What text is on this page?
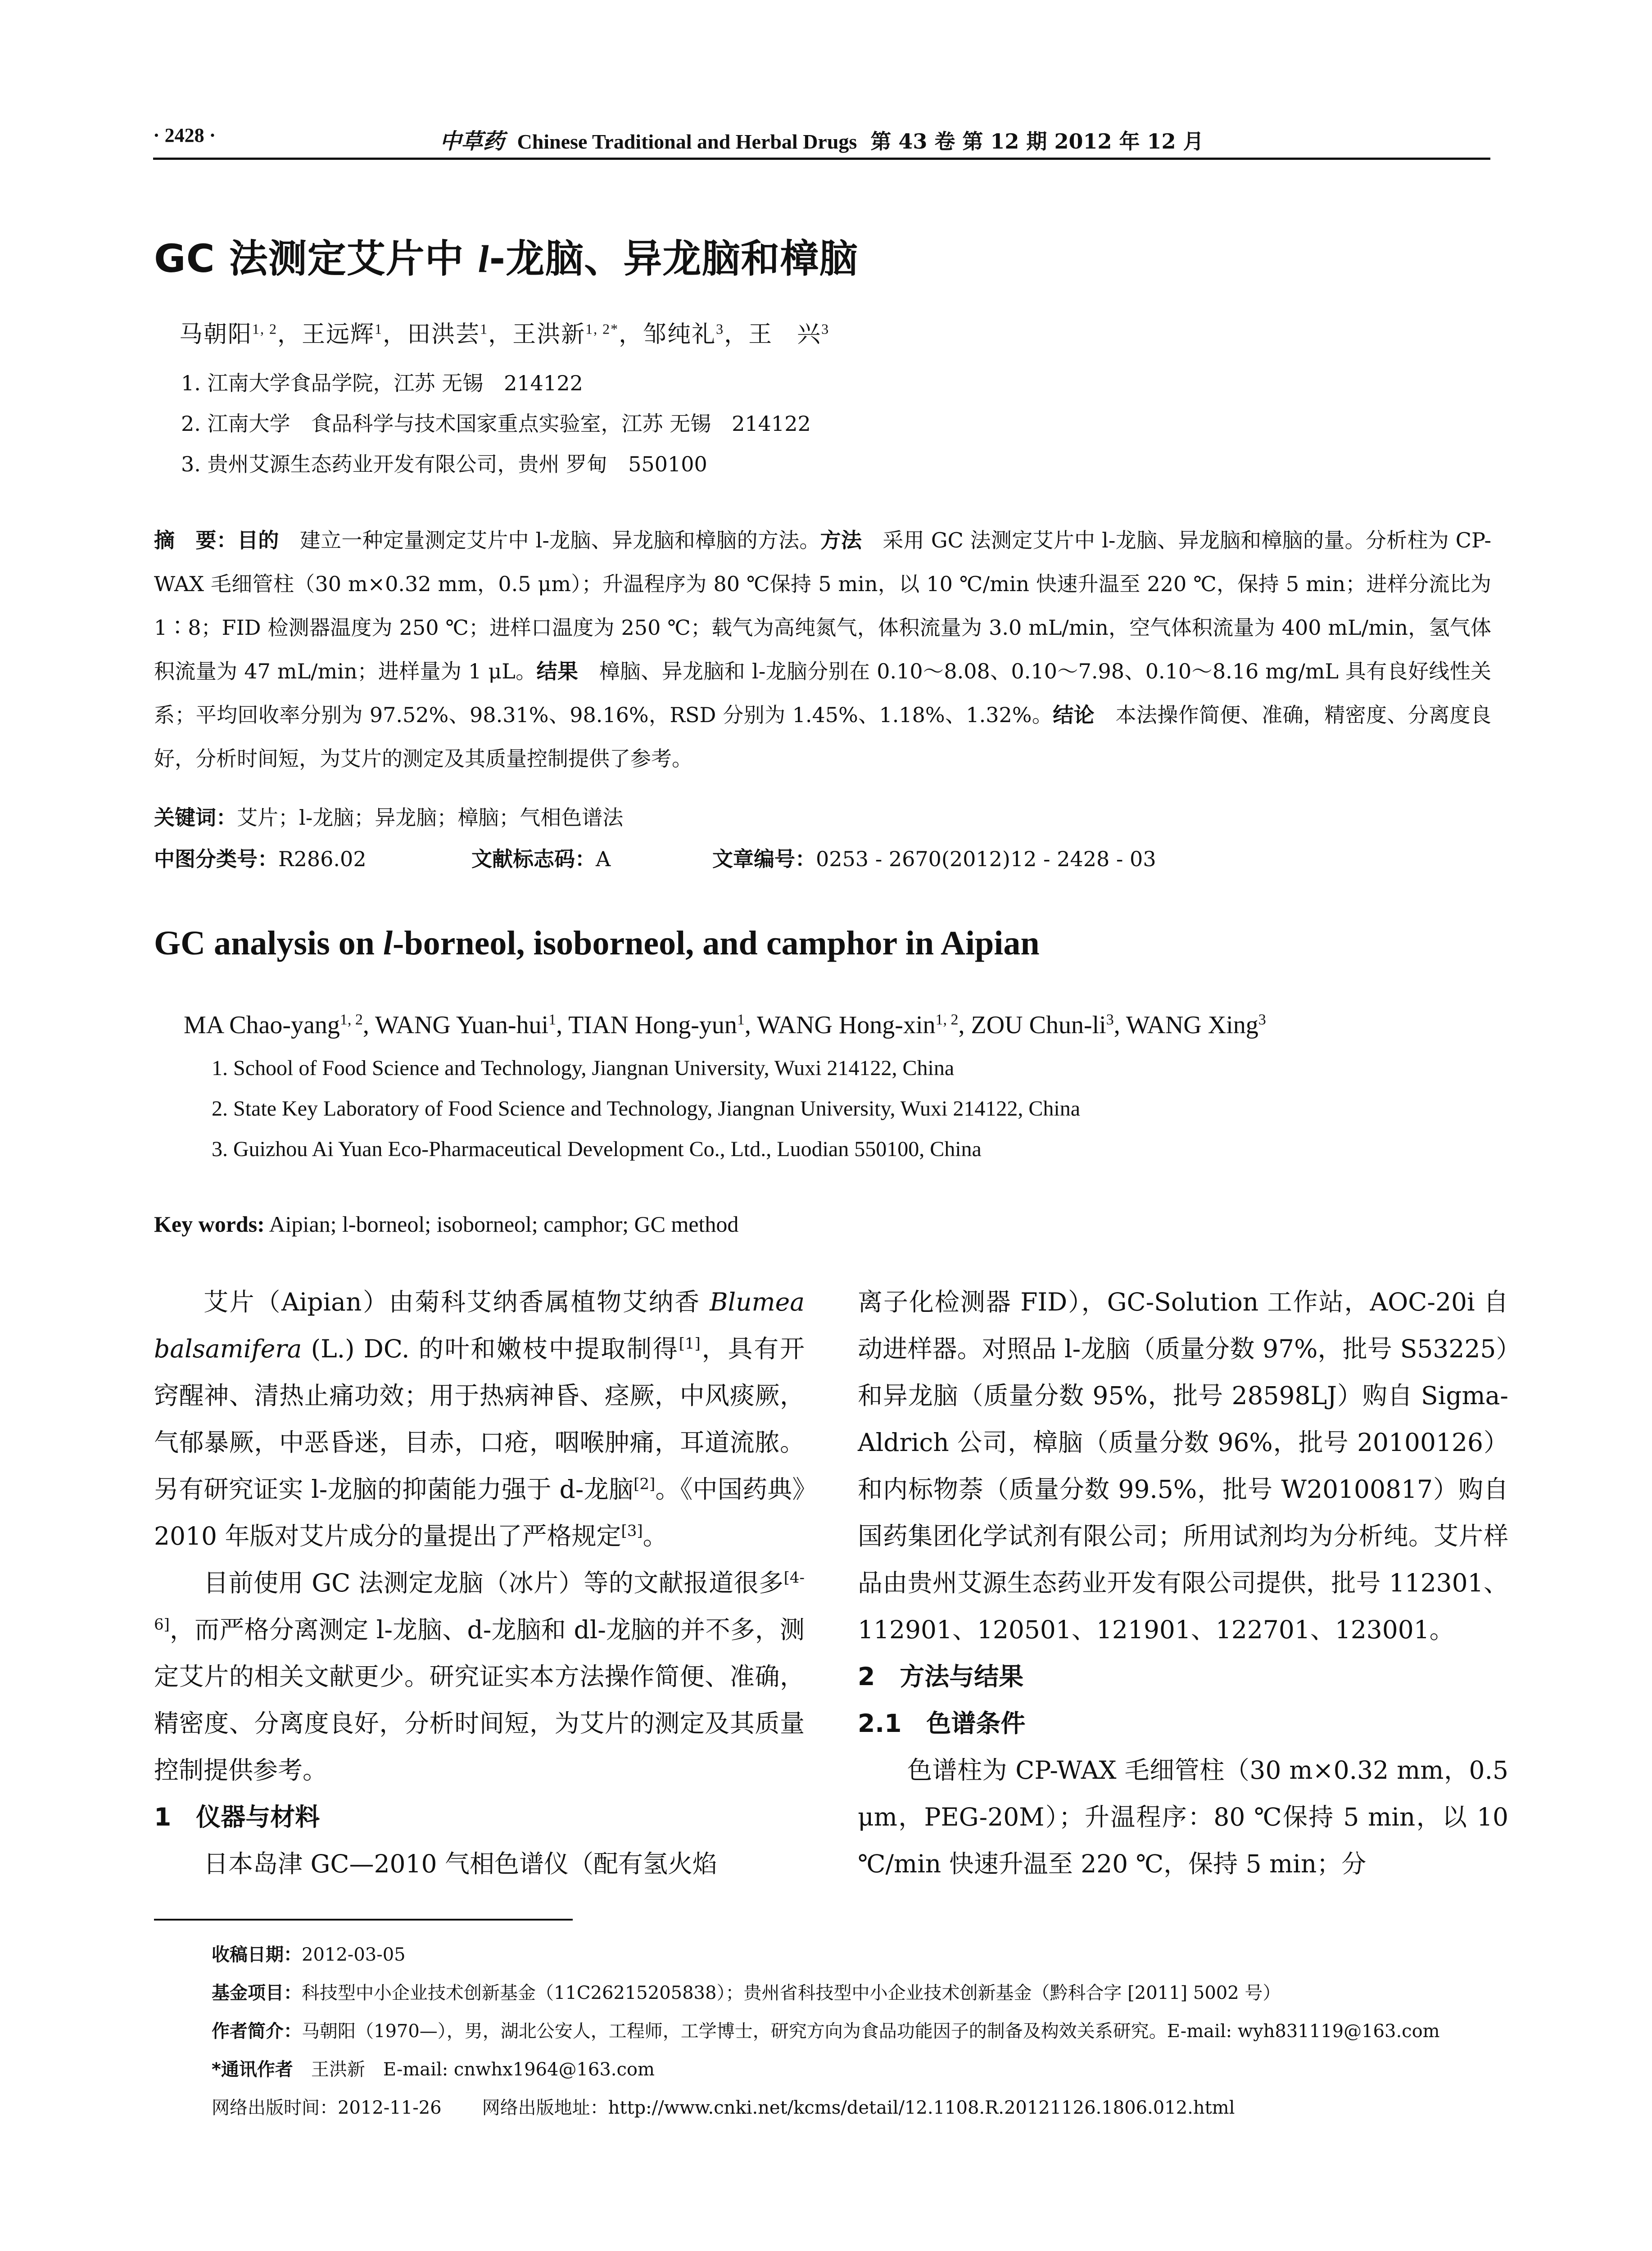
· 2428 ·	中草药 Chinese Traditional and Herbal Drugs 第 43 卷 第 12 期 2012 年 12 月
GC 法测定艾片中 l-龙脑、异龙脑和樟脑
马朝阳$^{1, 2}$，王远辉$^1$，田洪芸$^1$，王洪新$^{1, 2*}$，邹纯礼$^3$，王　兴$^3$
1. 江南大学食品学院，江苏 无锡　214122
2. 江南大学　食品科学与技术国家重点实验室，江苏 无锡　214122
3. 贵州艾源生态药业开发有限公司，贵州 罗甸　550100
摘　要：目的　建立一种定量测定艾片中 l-龙脑、异龙脑和樟脑的方法。方法　采用 GC 法测定艾片中 l-龙脑、异龙脑和樟脑的量。分析柱为 CP-WAX 毛细管柱（30 m×0.32 mm，0.5 μm）；升温程序为 80 ℃保持 5 min，以 10 ℃/min 快速升温至 220 ℃，保持 5 min；进样分流比为 1∶8；FID 检测器温度为 250 ℃；进样口温度为 250 ℃；载气为高纯氮气，体积流量为 3.0 mL/min，空气体积流量为 400 mL/min，氢气体积流量为 47 mL/min；进样量为 1 μL。结果　樟脑、异龙脑和 l-龙脑分别在 0.10～8.08、0.10～7.98、0.10～8.16 mg/mL 具有良好线性关系；平均回收率分别为 97.52%、98.31%、98.16%，RSD 分别为 1.45%、1.18%、1.32%。结论　本法操作简便、准确，精密度、分离度良好，分析时间短，为艾片的测定及其质量控制提供了参考。
关键词：艾片；l-龙脑；异龙脑；樟脑；气相色谱法
中图分类号：R286.02	文献标志码：A	文章编号：0253 - 2670(2012)12 - 2428 - 03
GC analysis on l-borneol, isoborneol, and camphor in Aipian
MA Chao-yang$^{1, 2}$, WANG Yuan-hui$^1$, TIAN Hong-yun$^1$, WANG Hong-xin$^{1, 2}$, ZOU Chun-$li^3$, WANG Xing$^3$
1. School of Food Science and Technology, Jiangnan University, Wuxi 214122, China
2. State Key Laboratory of Food Science and Technology, Jiangnan University, Wuxi 214122, China
3. Guizhou Ai Yuan Eco-Pharmaceutical Development Co., Ltd., Luodian 550100, China
Key words: Aipian; l-borneol; isoborneol; camphor; GC method

艾片（Aipian）由菊科艾纳香属植物艾纳香 Blumea balsamifera (L.) DC. 的叶和嫩枝中提取制得[1]，具有开窍醒神、清热止痛功效；用于热病神昏、痉厥，中风痰厥，气郁暴厥，中恶昏迷，目赤，口疮，咽喉肿痛，耳道流脓。另有研究证实 l-龙脑的抑菌能力强于 d-龙脑[2]。《中国药典》2010 年版对艾片成分的量提出了严格规定[3]。

目前使用 GC 法测定龙脑（冰片）等的文献报道很多[4-6]，而严格分离测定 l-龙脑、d-龙脑和 dl-龙脑的并不多，测定艾片的相关文献更少。研究证实本方法操作简便、准确，精密度、分离度良好，分析时间短，为艾片的测定及其质量控制提供参考。

1　仪器与材料

日本岛津 GC—2010 气相色谱仪（配有氢火焰

离子化检测器 FID），GC-Solution 工作站，AOC-20i 自动进样器。对照品 l-龙脑（质量分数 97%，批号 S53225）和异龙脑（质量分数 95%，批号 28598LJ）购自 Sigma-Aldrich 公司，樟脑（质量分数 96%，批号 20100126）和内标物萘（质量分数 99.5%，批号 W20100817）购自国药集团化学试剂有限公司；所用试剂均为分析纯。艾片样品由贵州艾源生态药业开发有限公司提供，批号 112301、112901、120501、121901、122701、123001。

2　方法与结果
2.1　色谱条件

色谱柱为 CP-WAX 毛细管柱（30 m×0.32 mm，0.5 μm，PEG-20M）；升温程序：80 ℃保持 5 min，以 10 ℃/min 快速升温至 220 ℃，保持 5 min；分

收稿日期：2012-03-05
基金项目：科技型中小企业技术创新基金（11C26215205838）；贵州省科技型中小企业技术创新基金（黔科合字 [2011] 5002 号）
作者简介：马朝阳（1970—），男，湖北公安人，工程师，工学博士，研究方向为食品功能因子的制备及构效关系研究。E-mail: wyh831119@163.com
*通讯作者　王洪新　E-mail: cnwhx1964@163.com
网络出版时间：2012-11-26 网络出版地址：http://www.cnki.net/kcms/detail/12.1108.R.20121126.1806.012.html
